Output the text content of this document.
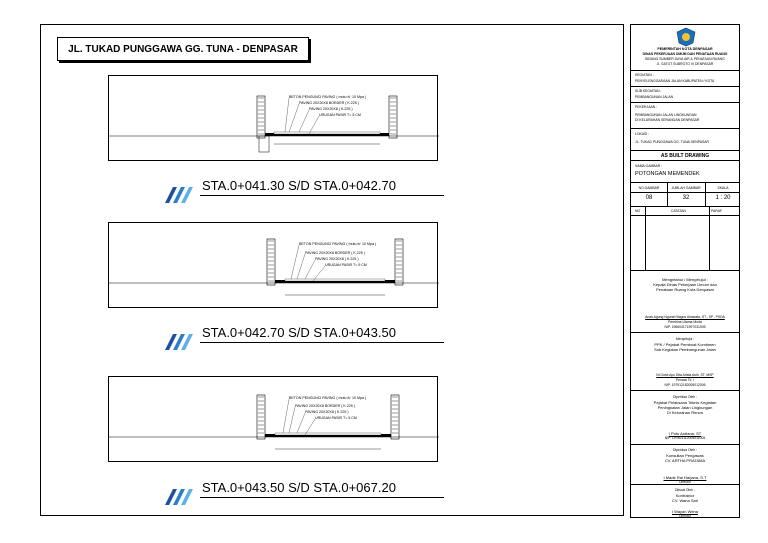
JL. TUKAD PUNGGAWA GG. TUNA - DENPASAR
BETON PENGUNCI PAVING ( mutu fc' 10 Mpa )
PAVING 20X20X8 BORDER ( K.225 )
PAVING 20X20X8 ( K.225 )
URUGAN PASIR T= 5 CM
STA.0+041.30 S/D STA.0+042.70
BETON PENGUNCI PAVING ( mutu fc' 10 Mpa )
PAVING 20X20X8 BORDER ( K.225 )
PAVING 20X20X8 ( K.225 )
URUGAN PASIR T= 5 CM
STA.0+042.70 S/D STA.0+043.50
BETON PENGUNCI PAVING ( mutu fc' 10 Mpa )
PAVING 20X20X8 BORDER ( K.225 )
PAVING 20X20X8 ( K.225 )
URUGAN PASIR T= 5 CM
STA.0+043.50 S/D STA.0+067.20
PEMERINTAH KOTA DENPASAR
DINAS PEKERJAAN UMUM DAN PENATAAN RUANG
BIDANG SUMBER DAYA AIR & PENATAAN RUANG
Jl. GATOT SUBROTO VI DENPASAR
KEGIATAN :
PENYELENGGARAAN JALAN KABUPATEN / KOTA
SUB KEGIATAN :
PEMBANGUNAN JALAN
PEKERJAAN :
PEMBANGUNAN JALAN LINGKUNGAN
DI KELURAHAN SERANGAN DENPASAR
LOKASI :
JL. TUKAD PUNGGAWA GG. TUNA DENPASAR
AS BUILT DRAWING
NAMA GAMBAR :
POTONGAN MEMENDEK
NO.GAMBAR	JUMLAH GAMBAR	SKALA
08	32	1 : 20
NO	CATATAN	PARAF
Mengetahui / Menyetujui :
Kepala Dinas Pekerjaan Umum dan
Penataan Ruang Kota Denpasar
Anak Agung Ngurah Bagus Airawata, ST., SP., PSDA
Pembina Utama Muda
NIP. 196604171997031005
Menyetujui :
PPK / Pejabat Pembuat Komitmen
Sub Kegiatan Pembangunan Jalan
Ni Gusti Ayu Dita Arista Asih, ST, MSP
Penata Tk. I
NIP. 197912182005012006
Diperiksa Oleh :
Pejabat Pelaksana Teknis Kegiatan
Peningkatan Jalan Lingkungan
Di Kelurahan Renon
I Putu Ardiana, ST
NIP. 197804112005011005
Diperiksa Oleh :
Konsultan Pengawas
CV. ARTHA PRATAMA
I Made Rai Harjana, S.T
Direktur
Dibuat Oleh :
Kontraktor
CV. Wana Sari
I Wayan Wena
Direktur
